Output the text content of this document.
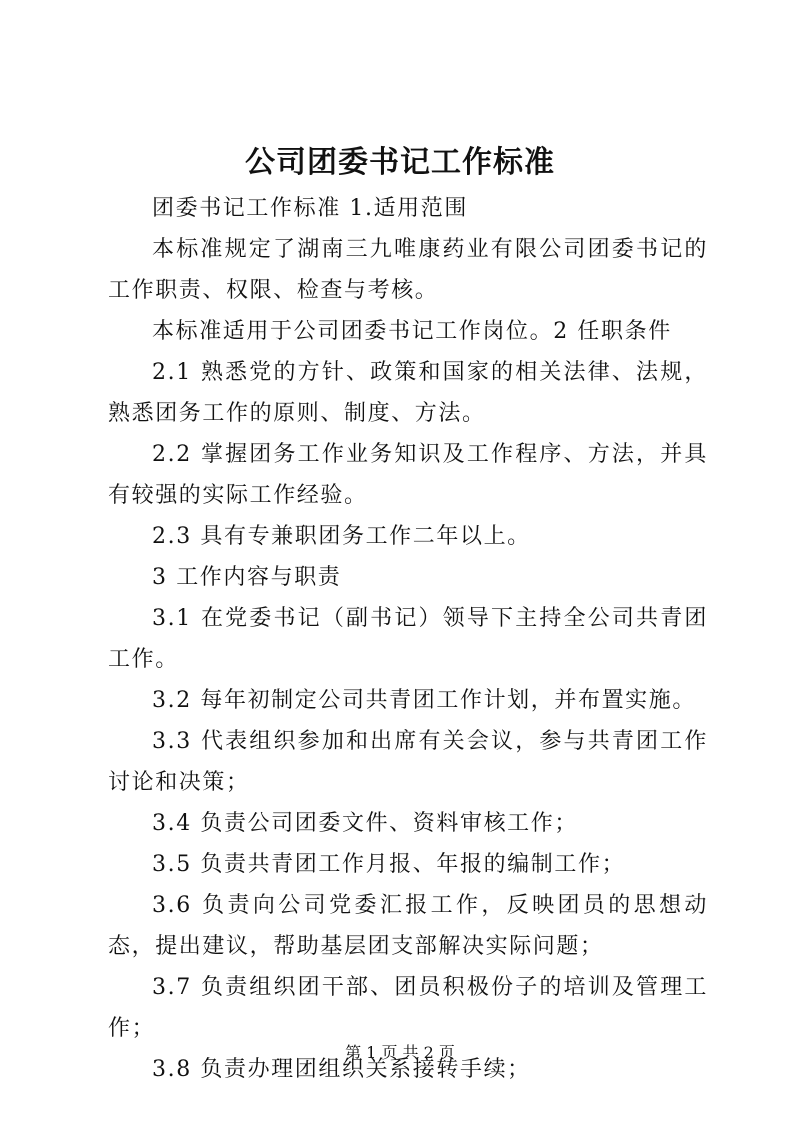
公司团委书记工作标准

团委书记工作标准 1.适用范围

本标准规定了湖南三九唯康药业有限公司团委书记的工作职责、权限、检查与考核。

本标准适用于公司团委书记工作岗位。2 任职条件

2.1 熟悉党的方针、政策和国家的相关法律、法规，熟悉团务工作的原则、制度、方法。

2.2 掌握团务工作业务知识及工作程序、方法，并具有较强的实际工作经验。

2.3 具有专兼职团务工作二年以上。

3 工作内容与职责

3.1 在党委书记（副书记）领导下主持全公司共青团工作。

3.2 每年初制定公司共青团工作计划，并布置实施。

3.3 代表组织参加和出席有关会议，参与共青团工作讨论和决策；

3.4 负责公司团委文件、资料审核工作；

3.5 负责共青团工作月报、年报的编制工作；

3.6 负责向公司党委汇报工作，反映团员的思想动态，提出建议，帮助基层团支部解决实际问题；

3.7 负责组织团干部、团员积极份子的培训及管理工作；

3.8 负责办理团组织关系接转手续；

第 1 页 共 2 页
